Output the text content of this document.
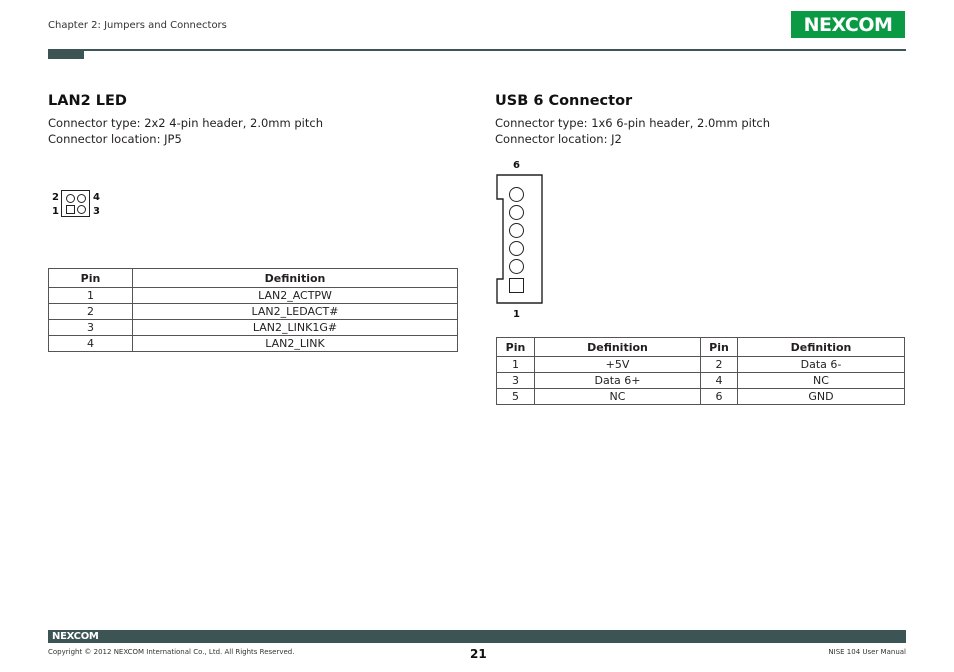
Chapter 2: Jumpers and Connectors	NEXCOM
LAN2 LED
Connector type: 2x2 4-pin header, 2.0mm pitch
Connector location: JP5
2
1
4
3
Pin	Definition
1	LAN2_ACTPW
2	LAN2_LEDACT#
3	LAN2_LINK1G#
4	LAN2_LINK
USB 6 Connector
Connector type: 1x6 6-pin header, 2.0mm pitch
Connector location: J2
6
1
Pin	Definition	Pin	Definition
1	+5V	2	Data 6-
3	Data 6+	4	NC
5	NC	6	GND
NEXCOM
Copyright © 2012 NEXCOM International Co., Ltd. All Rights Reserved.	21	NISE 104 User Manual
